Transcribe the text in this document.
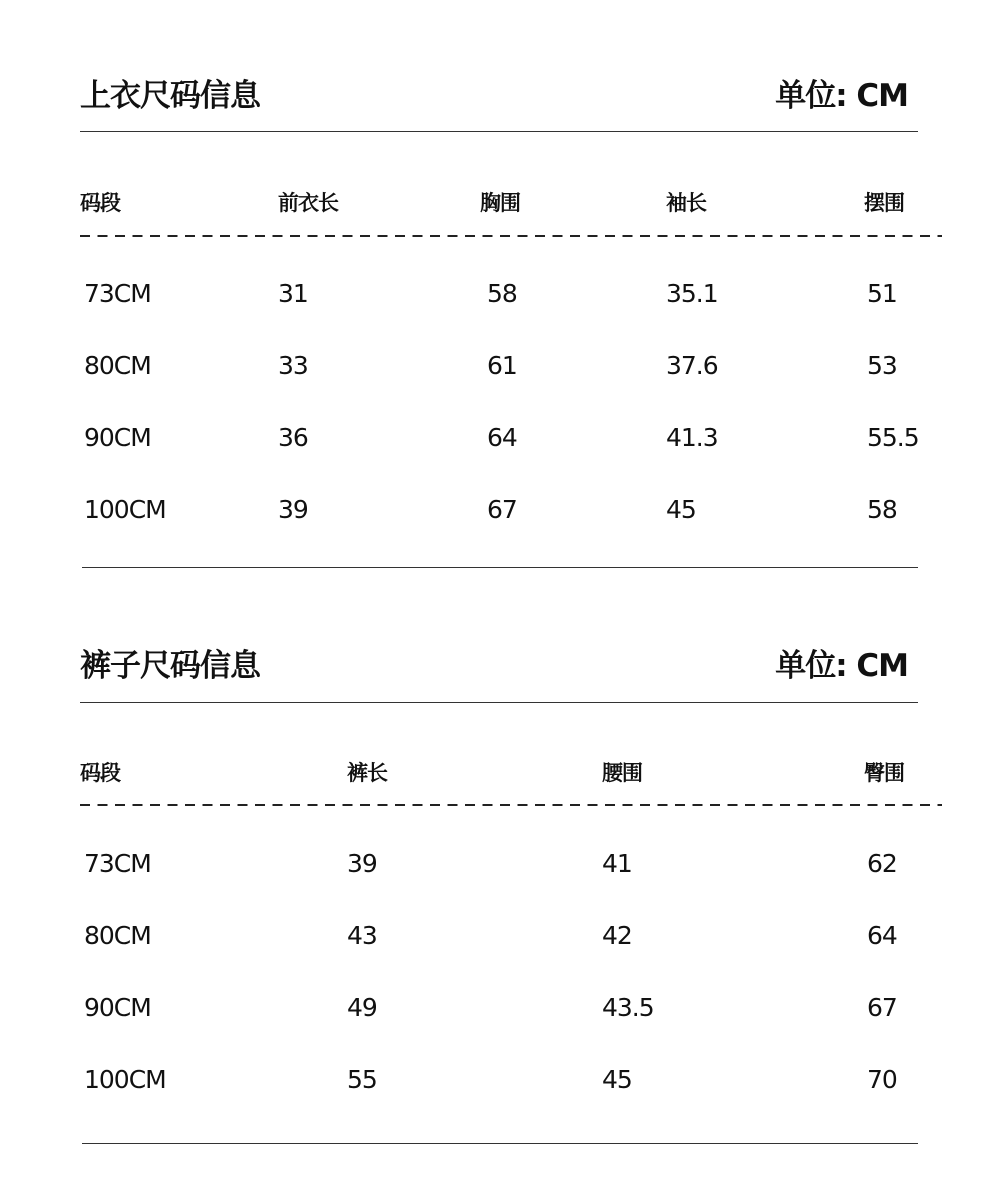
上衣尺码信息	单位: CM
码段	前衣长	胸围	袖长	摆围
73CM	31	58	35.1	51
80CM	33	61	37.6	53
90CM	36	64	41.3	55.5
100CM	39	67	45	58
裤子尺码信息	单位: CM
码段	裤长	腰围	臀围
73CM	39	41	62
80CM	43	42	64
90CM	49	43.5	67
100CM	55	45	70
